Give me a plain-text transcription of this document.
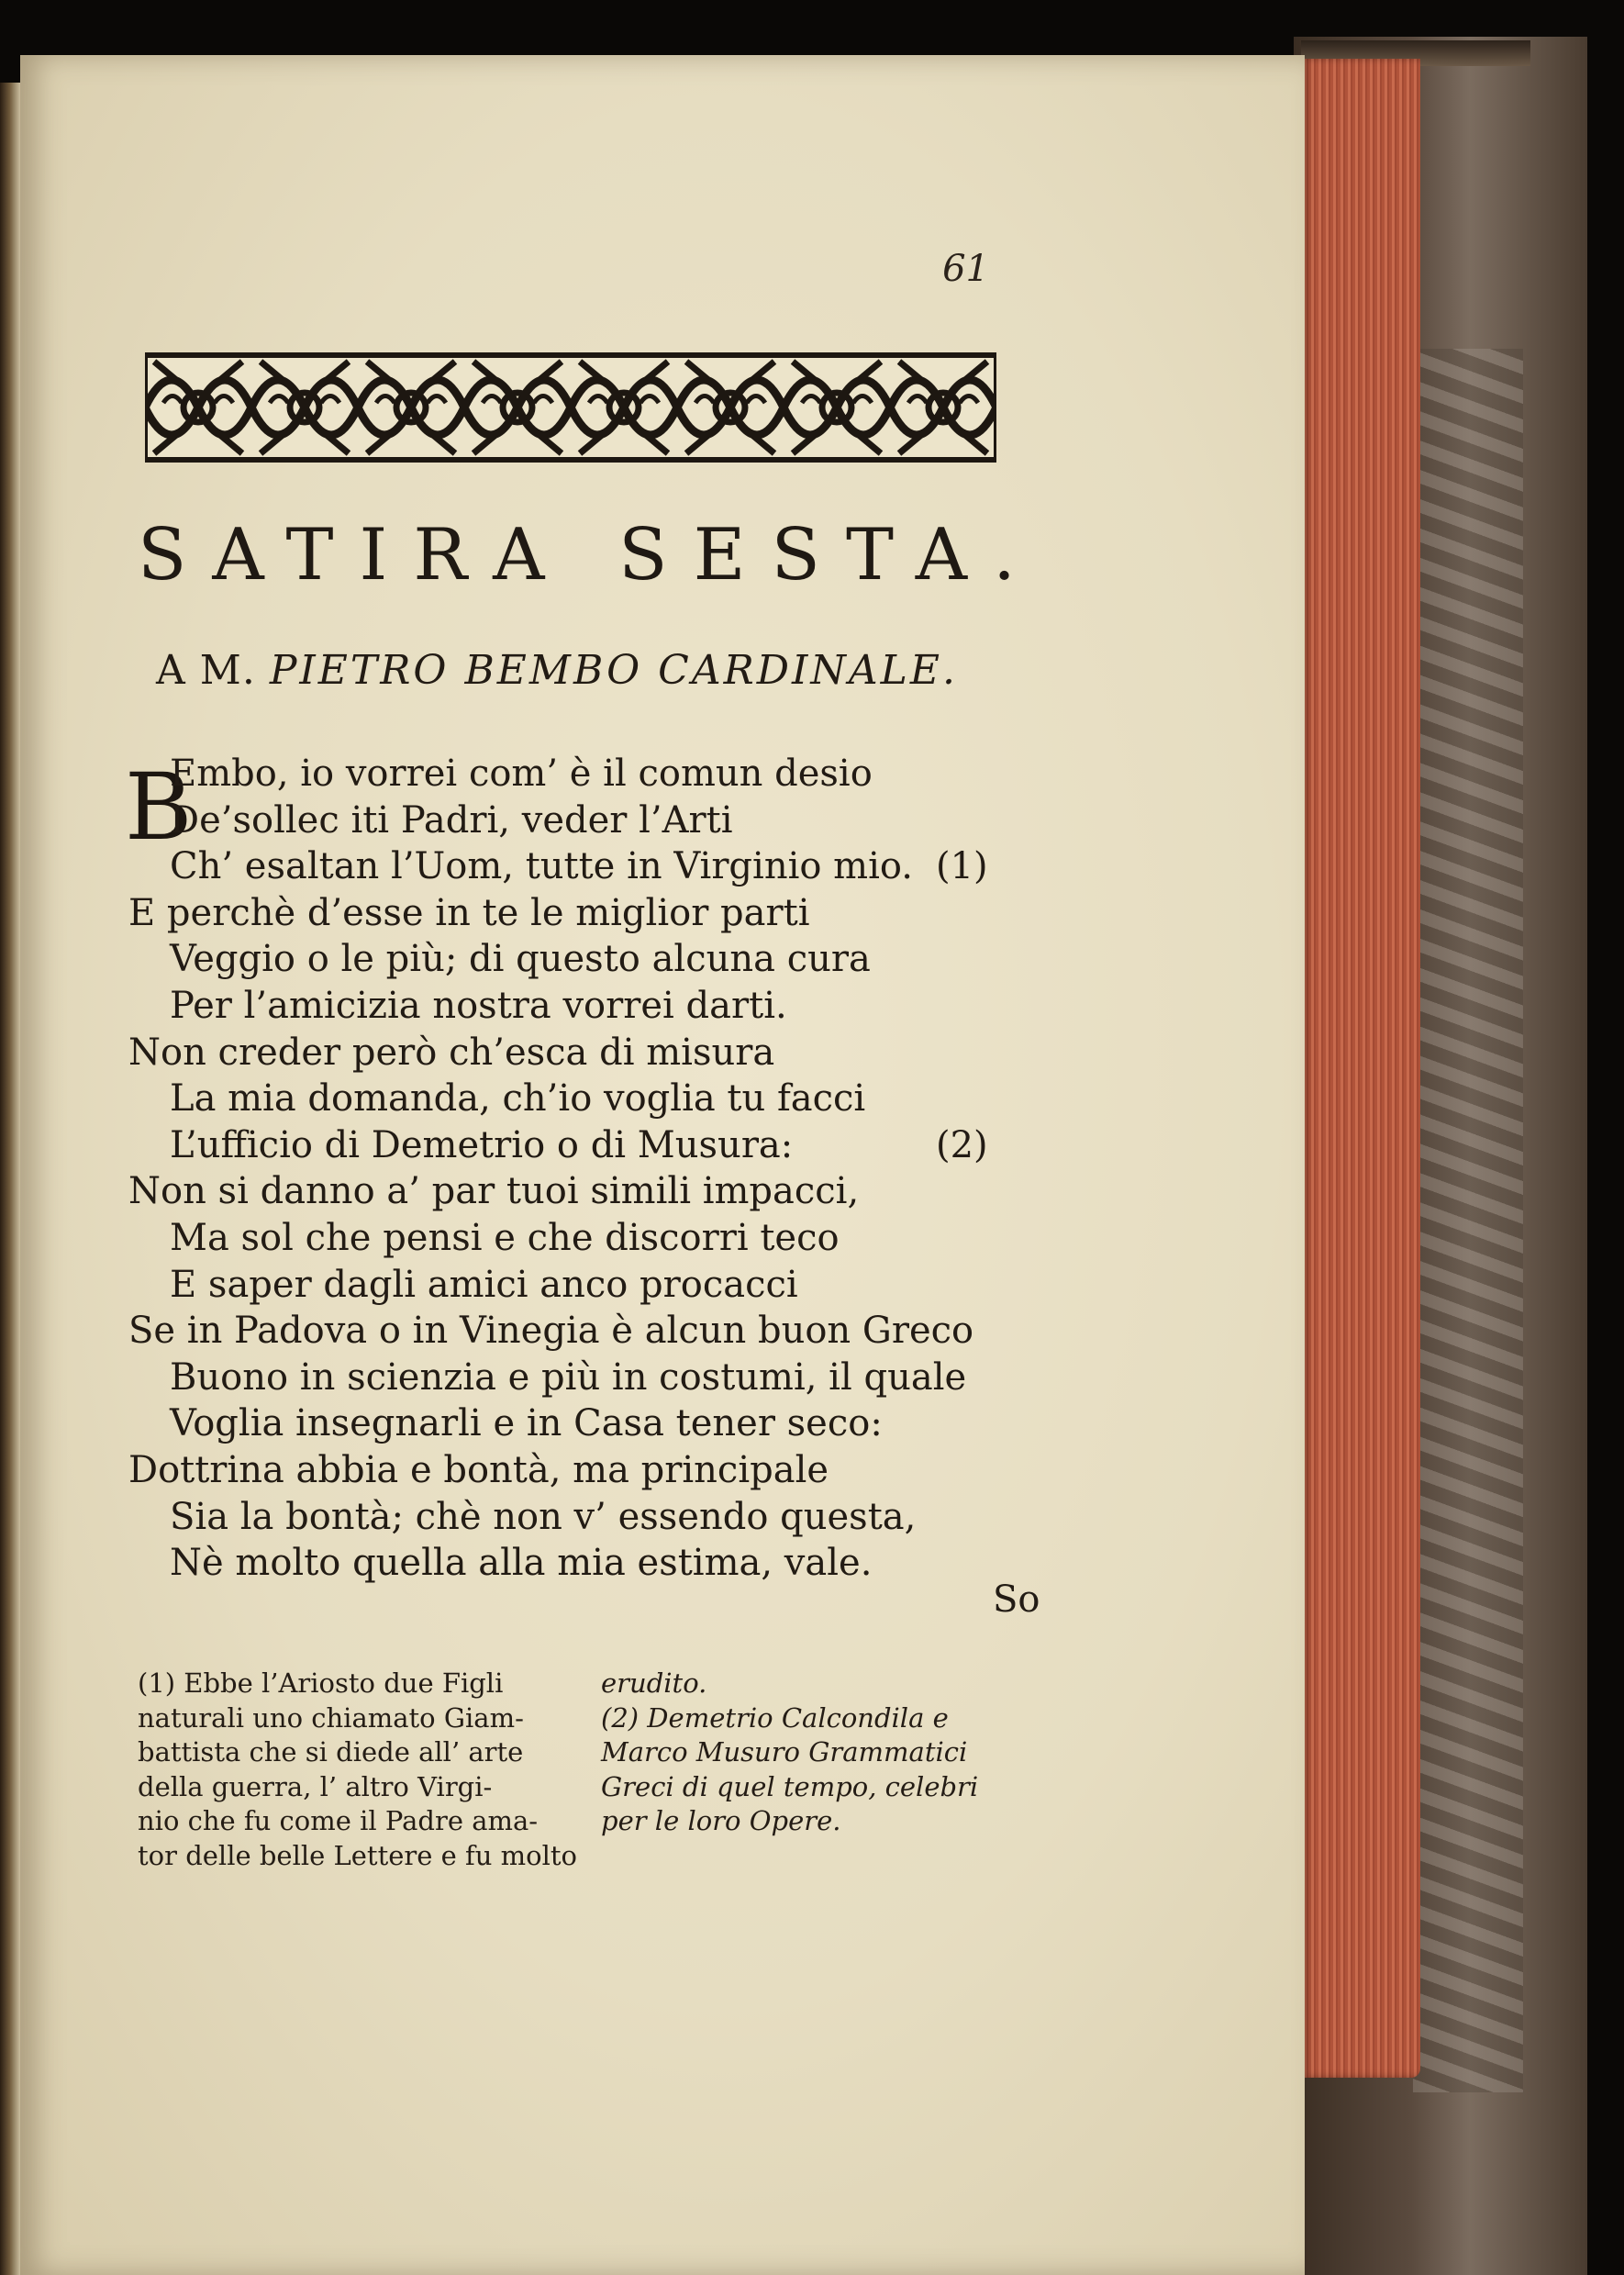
61
SATIRA SESTA.
A M. PIETRO BEMBO CARDINALE.
B
Embo, io vorrei com’ è il comun desio
De’sollec iti Padri, veder l’Arti
Ch’ esaltan l’Uom, tutte in Virginio mio. (1)
E perchè d’esse in te le miglior parti
Veggio o le più; di questo alcuna cura
Per l’amicizia nostra vorrei darti.
Non creder però ch’esca di misura
La mia domanda, ch’io voglia tu facci
L’ufficio di Demetrio o di Musura:	(2)
Non si danno a’ par tuoi simili impacci,
Ma sol che pensi e che discorri teco
E saper dagli amici anco procacci
Se in Padova o in Vinegia è alcun buon Greco
Buono in scienzia e più in costumi, il quale
Voglia insegnarli e in Casa tener seco:
Dottrina abbia e bontà, ma principale
Sia la bontà; chè non v’ essendo questa,
Nè molto quella alla mia estima, vale.
So
(1) Ebbe l’Ariosto due Figli
naturali uno chiamato Giam-
battista che si diede all’ arte
della guerra, l’ altro Virgi-
nio che fu come il Padre ama-
tor delle belle Lettere e fu molto
erudito.
(2) Demetrio Calcondila e
Marco Musuro Grammatici
Greci di quel tempo, celebri
per le loro Opere.
